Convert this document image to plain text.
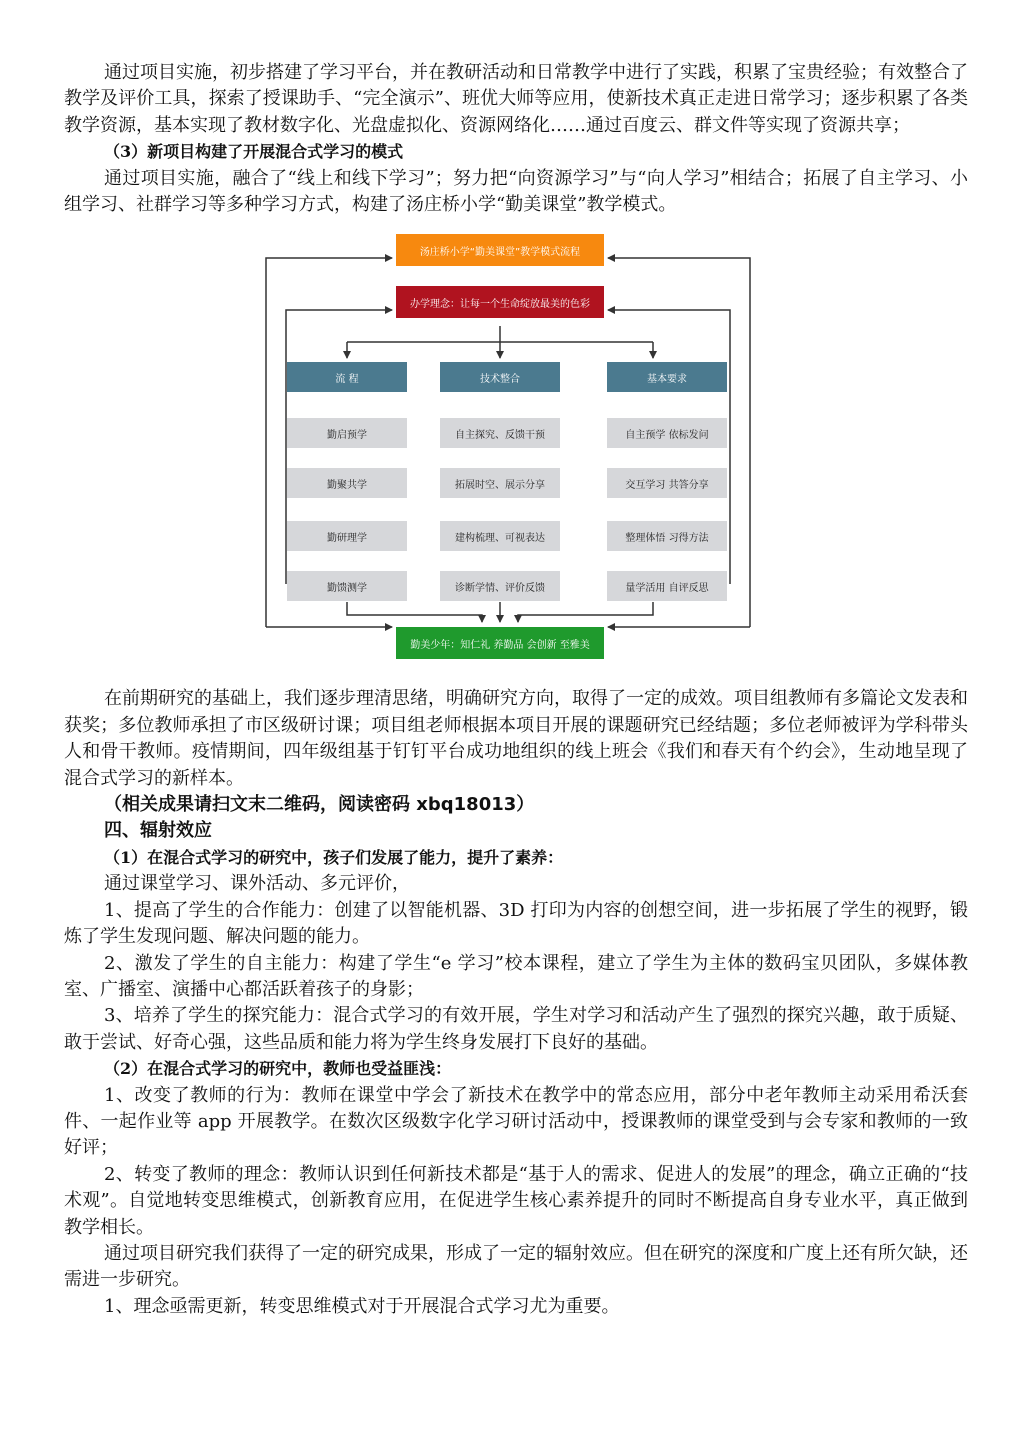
通过项目实施，初步搭建了学习平台，并在教研活动和日常教学中进行了实践，积累了宝贵经验；有效整合了教学及评价工具，探索了授课助手、“完全演示”、班优大师等应用，使新技术真正走进日常学习；逐步积累了各类教学资源，基本实现了教材数字化、光盘虚拟化、资源网络化……通过百度云、群文件等实现了资源共享；

（3）新项目构建了开展混合式学习的模式

通过项目实施，融合了“线上和线下学习”；努力把“向资源学习”与“向人学习”相结合；拓展了自主学习、小组学习、社群学习等多种学习方式，构建了汤庄桥小学“勤美课堂”教学模式。

汤庄桥小学“勤美课堂”教学模式流程
办学理念：让每一个生命绽放最美的色彩
流 程	技术整合	基本要求
勤启预学
勤聚共学
勤研理学
勤馈测学
自主探究、反馈干预
拓展时空、展示分享
建构梳理、可视表达
诊断学情、评价反馈
自主预学 依标发问
交互学习 共答分享
整理体悟 习得方法
量学活用 自评反思
勤美少年：知仁礼 养勤品 会创新 至雅美

在前期研究的基础上，我们逐步理清思绪，明确研究方向，取得了一定的成效。项目组教师有多篇论文发表和获奖；多位教师承担了市区级研讨课；项目组老师根据本项目开展的课题研究已经结题；多位老师被评为学科带头人和骨干教师。疫情期间，四年级组基于钉钉平台成功地组织的线上班会《我们和春天有个约会》，生动地呈现了混合式学习的新样本。

（相关成果请扫文末二维码，阅读密码 xbq18013）

四、辐射效应

（1）在混合式学习的研究中，孩子们发展了能力，提升了素养：

通过课堂学习、课外活动、多元评价，

1、提高了学生的合作能力：创建了以智能机器、3D 打印为内容的创想空间，进一步拓展了学生的视野，锻炼了学生发现问题、解决问题的能力。

2、激发了学生的自主能力：构建了学生“e 学习”校本课程，建立了学生为主体的数码宝贝团队，多媒体教室、广播室、演播中心都活跃着孩子的身影；

3、培养了学生的探究能力：混合式学习的有效开展，学生对学习和活动产生了强烈的探究兴趣，敢于质疑、敢于尝试、好奇心强，这些品质和能力将为学生终身发展打下良好的基础。

（2）在混合式学习的研究中，教师也受益匪浅：

1、改变了教师的行为：教师在课堂中学会了新技术在教学中的常态应用，部分中老年教师主动采用希沃套件、一起作业等 app 开展教学。在数次区级数字化学习研讨活动中，授课教师的课堂受到与会专家和教师的一致好评；

2、转变了教师的理念：教师认识到任何新技术都是“基于人的需求、促进人的发展”的理念，确立正确的“技术观”。自觉地转变思维模式，创新教育应用，在促进学生核心素养提升的同时不断提高自身专业水平，真正做到教学相长。

通过项目研究我们获得了一定的研究成果，形成了一定的辐射效应。但在研究的深度和广度上还有所欠缺，还需进一步研究。

1、理念亟需更新，转变思维模式对于开展混合式学习尤为重要。
